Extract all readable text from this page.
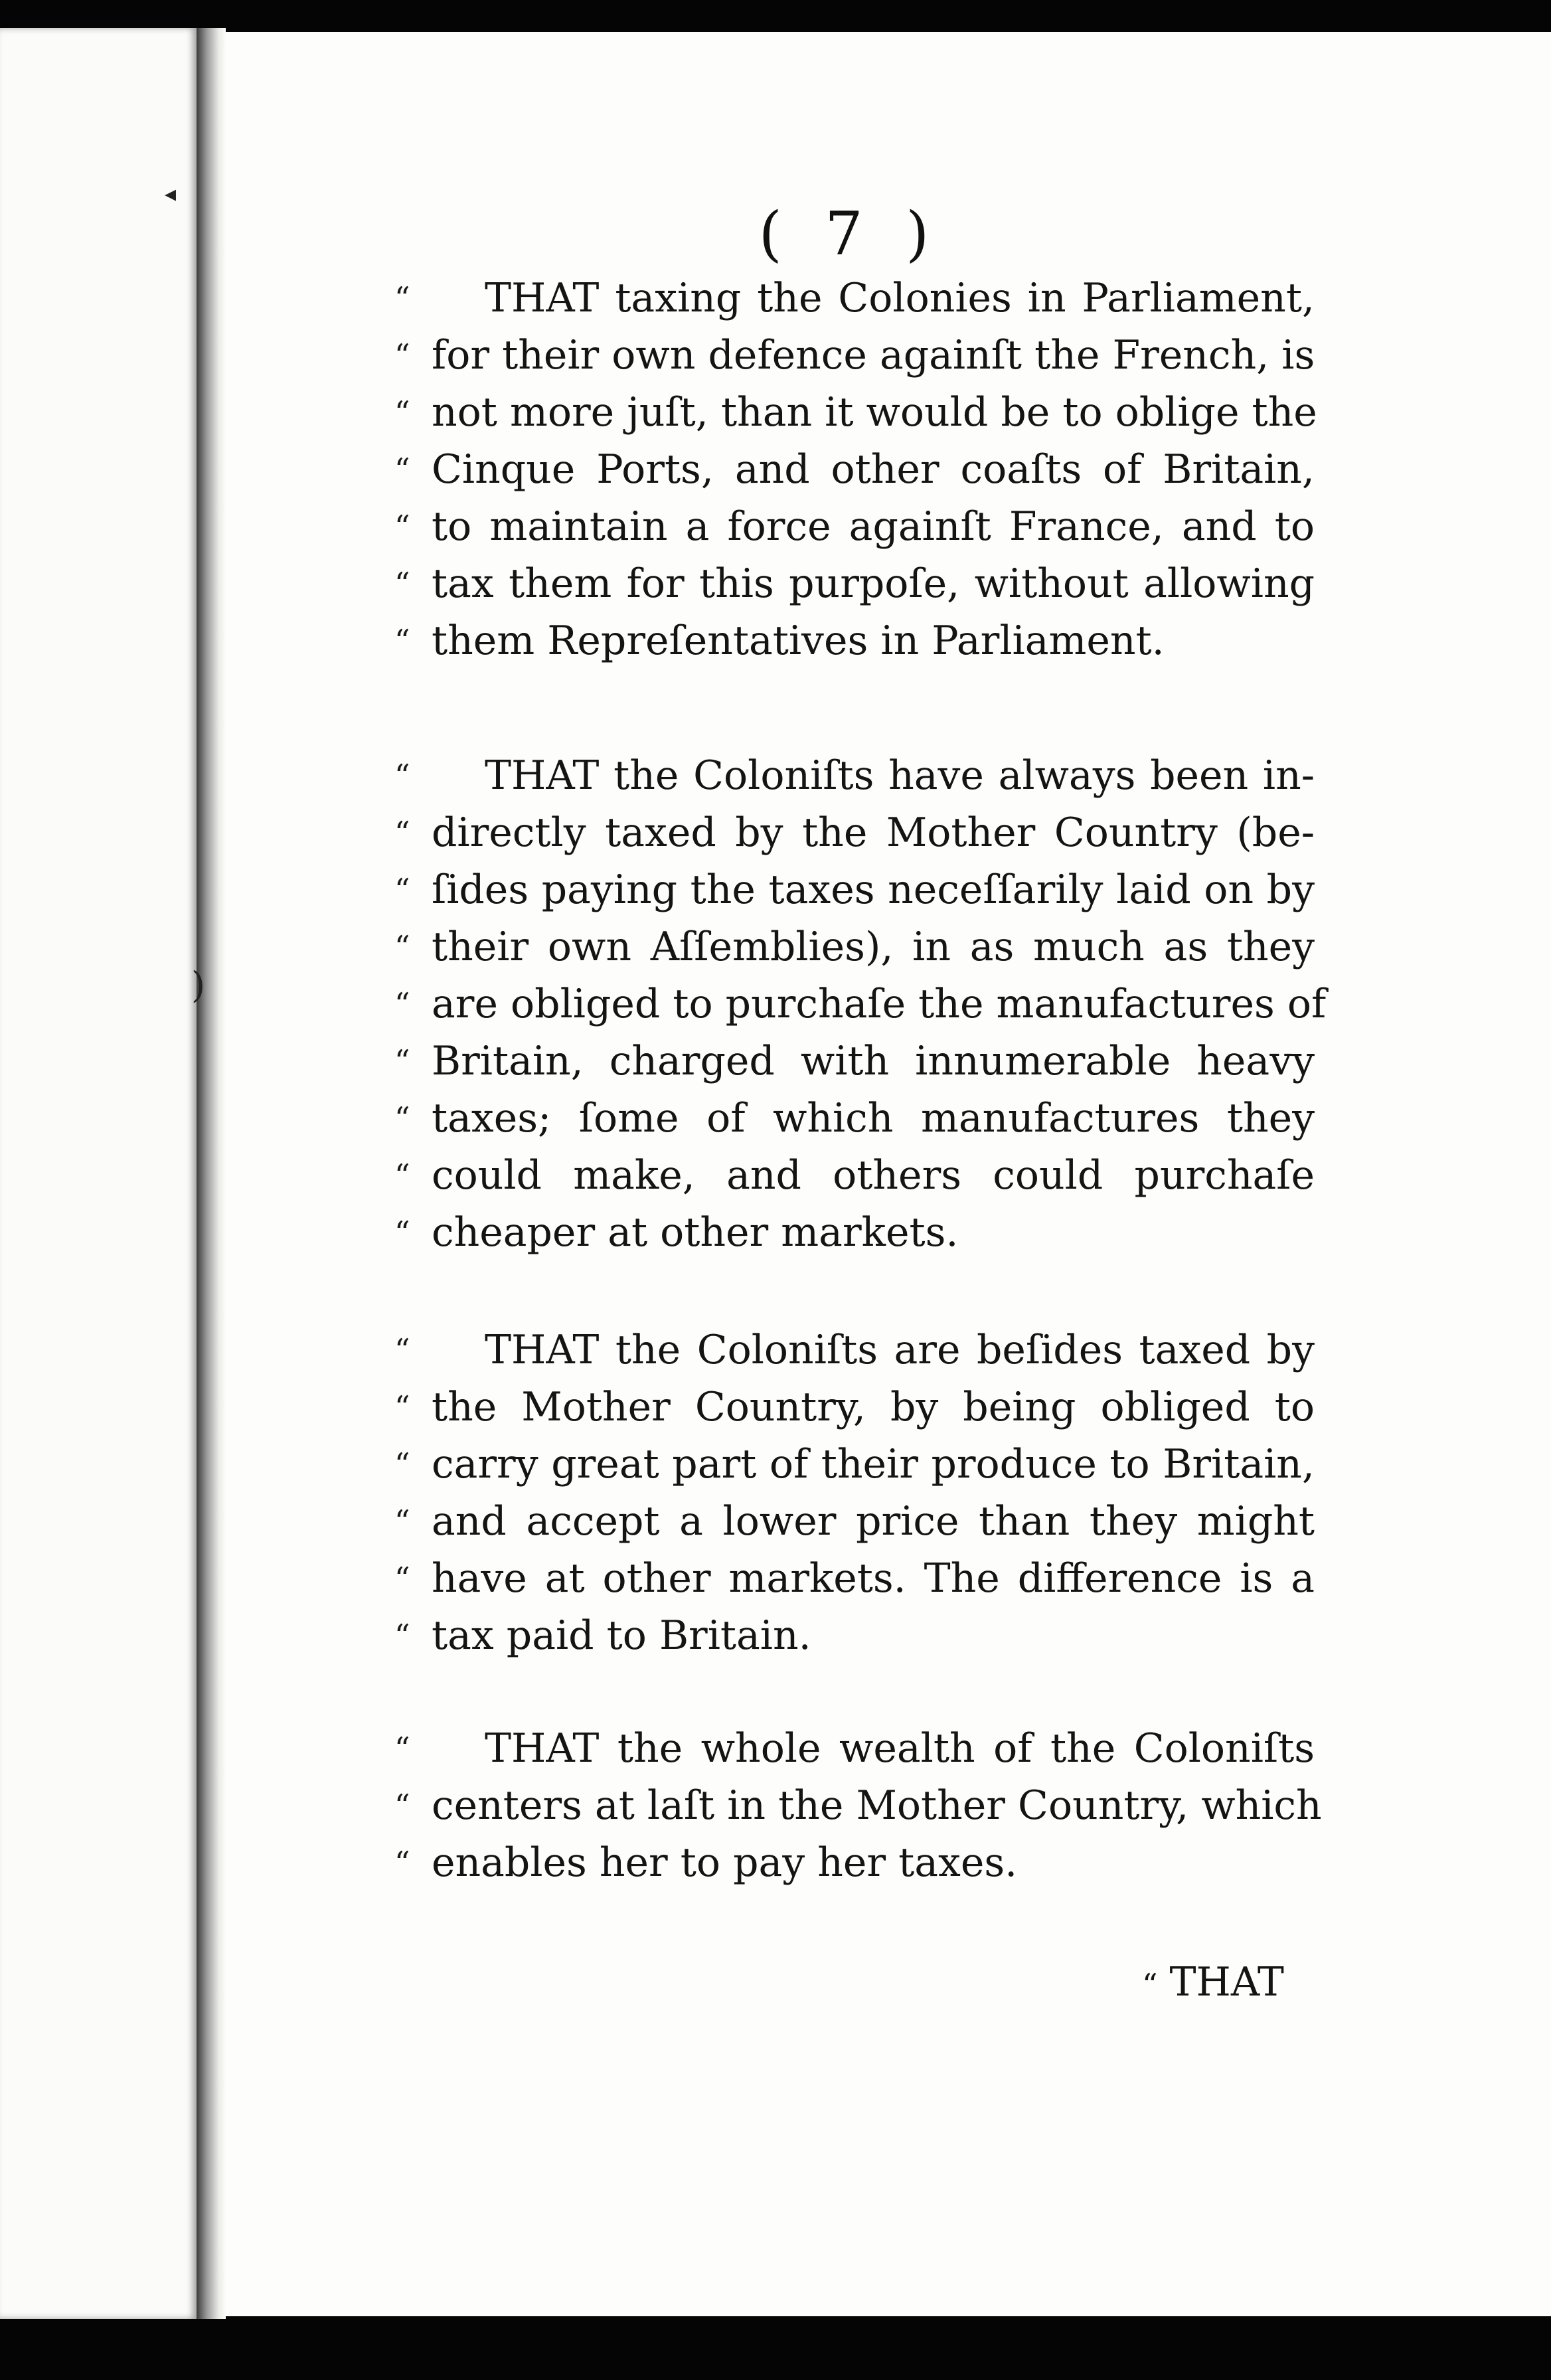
◂
)
( 7 )
“	THAT taxing the Colonies in Parliament,
“ for their own defence againſt the French, is
“ not more juſt, than it would be to oblige the
“ Cinque Ports, and other coaſts of Britain,
“ to maintain a force againſt France, and to
“ tax them for this purpoſe, without allowing
“ them Repreſentatives in Parliament.
“	THAT the Coloniſts have always been in-
“ directly taxed by the Mother Country (be-
“ ſides paying the taxes neceſſarily laid on by
“ their own Aſſemblies), in as much as they
“ are obliged to purchaſe the manufactures of
“ Britain, charged with innumerable heavy
“ taxes; ſome of which manufactures they
“ could make, and others could purchaſe
“ cheaper at other markets.
“	THAT the Coloniſts are beſides taxed by
“ the Mother Country, by being obliged to
“ carry great part of their produce to Britain,
“ and accept a lower price than they might
“ have at other markets. The difference is a
“ tax paid to Britain.
“	THAT the whole wealth of the Coloniſts
“ centers at laſt in the Mother Country, which
“ enables her to pay her taxes.
“ THAT
